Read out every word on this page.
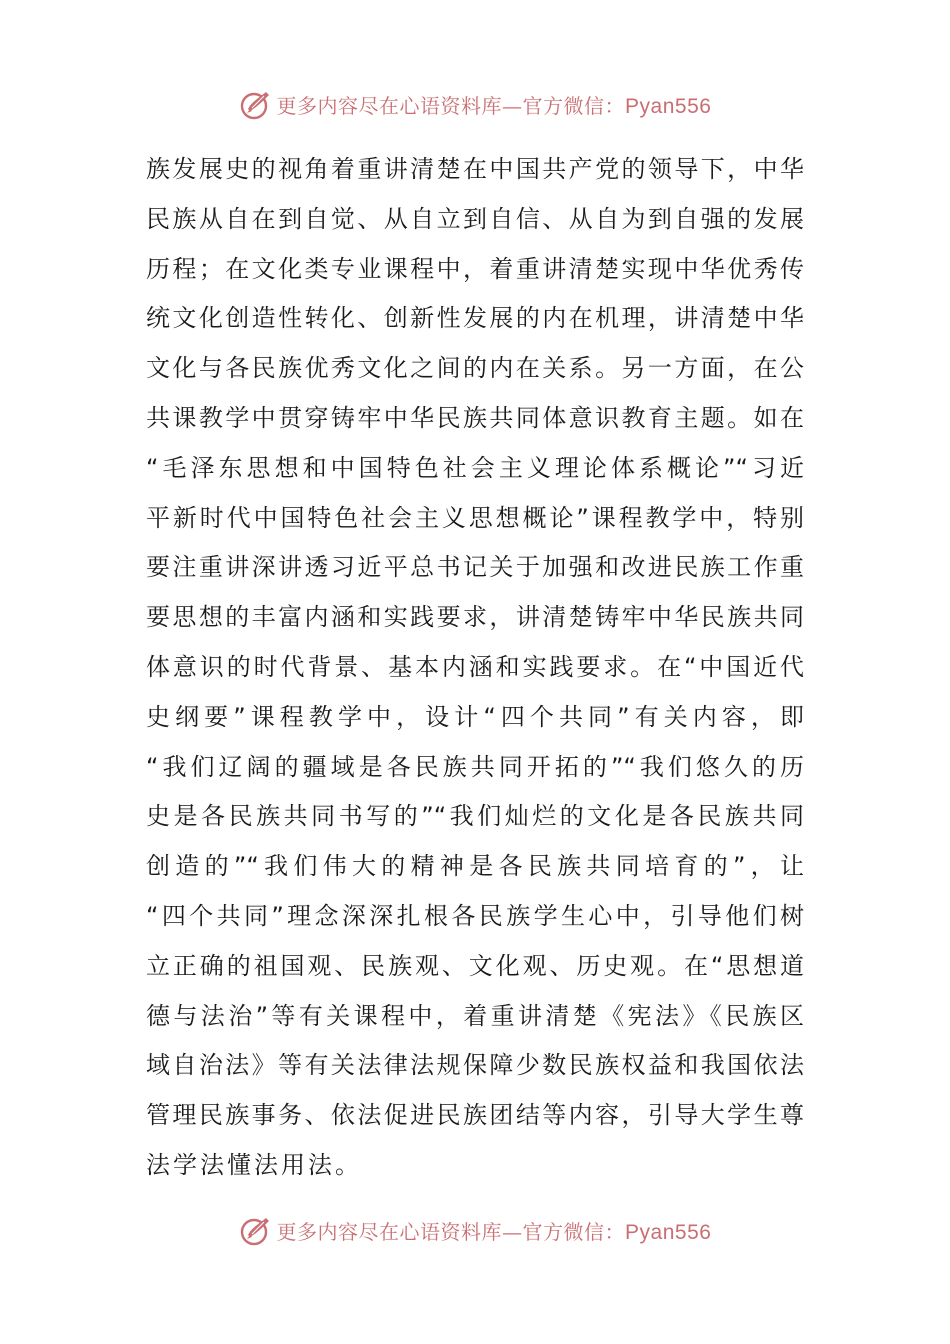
更多内容尽在心语资料库—官方微信：Pyan556
族发展史的视角着重讲清楚在中国共产党的领导下，中华
民族从自在到自觉、从自立到自信、从自为到自强的发展
历程；在文化类专业课程中，着重讲清楚实现中华优秀传
统文化创造性转化、创新性发展的内在机理，讲清楚中华
文化与各民族优秀文化之间的内在关系。另一方面，在公
共课教学中贯穿铸牢中华民族共同体意识教育主题。如在
“毛泽东思想和中国特色社会主义理论体系概论”“习近
平新时代中国特色社会主义思想概论”课程教学中，特别
要注重讲深讲透习近平总书记关于加强和改进民族工作重
要思想的丰富内涵和实践要求，讲清楚铸牢中华民族共同
体意识的时代背景、基本内涵和实践要求。在“中国近代
史纲要”课程教学中，设计“四个共同”有关内容，即
“我们辽阔的疆域是各民族共同开拓的”“我们悠久的历
史是各民族共同书写的”“我们灿烂的文化是各民族共同
创造的”“我们伟大的精神是各民族共同培育的”，让
“四个共同”理念深深扎根各民族学生心中，引导他们树
立正确的祖国观、民族观、文化观、历史观。在“思想道
德与法治”等有关课程中，着重讲清楚《宪法》《民族区
域自治法》等有关法律法规保障少数民族权益和我国依法
管理民族事务、依法促进民族团结等内容，引导大学生尊
法学法懂法用法。
更多内容尽在心语资料库—官方微信：Pyan556
